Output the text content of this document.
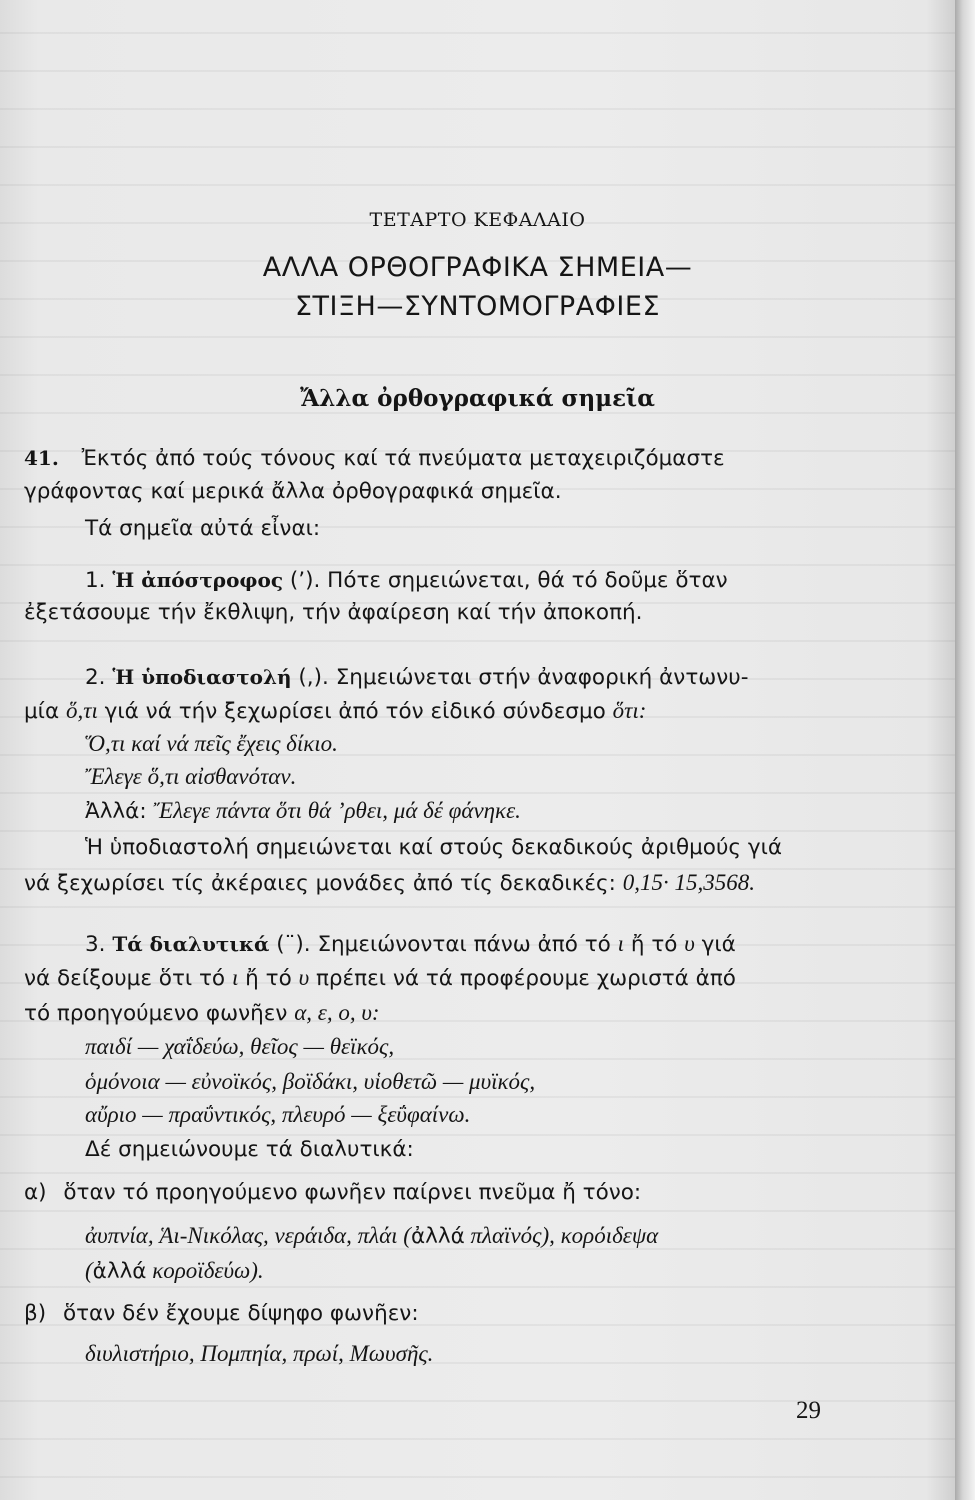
ΤΕΤΑΡΤΟ ΚΕΦΑΛΑΙΟ
ΑΛΛΑ ΟΡΘΟΓΡΑΦΙΚΑ ΣΗΜΕΙΑ—
ΣΤΙΞΗ—ΣΥΝΤΟΜΟΓΡΑΦΙΕΣ
Ἄλλα ὀρθογραφικά σημεῖα
41. Ἐκτός ἀπό τούς τόνους καί τά πνεύματα μεταχειριζόμαστε
γράφοντας καί μερικά ἄλλα ὀρθογραφικά σημεῖα.
Τά σημεῖα αὐτά εἶναι:
1. Ἡ ἀπόστροφος (’). Πότε σημειώνεται, θά τό δοῦμε ὅταν
ἐξετάσουμε τήν ἔκθλιψη, τήν ἀφαίρεση καί τήν ἀποκοπή.
2. Ἡ ὑποδιαστολή (,). Σημειώνεται στήν ἀναφορική ἀντωνυ-
μία ὅ,τι γιά νά τήν ξεχωρίσει ἀπό τόν εἰδικό σύνδεσμο ὅτι:
Ὅ,τι καί νά πεῖς ἔχεις δίκιο.
Ἔλεγε ὅ,τι αἰσθανόταν.
Ἀλλά: Ἔλεγε πάντα ὅτι θά ’ρθει, μά δέ φάνηκε.
Ἡ ὑποδιαστολή σημειώνεται καί στούς δεκαδικούς ἀριθμούς γιά
νά ξεχωρίσει τίς ἀκέραιες μονάδες ἀπό τίς δεκαδικές: 0,15· 15,3568.
3. Τά διαλυτικά (¨). Σημειώνονται πάνω ἀπό τό ι ἤ τό υ γιά
νά δείξουμε ὅτι τό ι ἤ τό υ πρέπει νά τά προφέρουμε χωριστά ἀπό
τό προηγούμενο φωνῆεν α, ε, ο, υ:
παιδί — χαΐδεύω, θεῖος — θεϊκός,
ὁμόνοια — εὐνοϊκός, βοϊδάκι, υἱοθετῶ — μυϊκός,
αὔριο — πραΰντικός, πλευρό — ξεΰφαίνω.
Δέ σημειώνουμε τά διαλυτικά:
α) ὅταν τό προηγούμενο φωνῆεν παίρνει πνεῦμα ἤ τόνο:
ἀυπνία, Ἁι-Νικόλας, νεράιδα, πλάι (ἀλλά πλαϊνός), κορόιδεψα
(ἀλλά κοροϊδεύω).
β) ὅταν δέν ἔχουμε δίψηφο φωνῆεν:
διυλιστήριο, Πομπηία, πρωί, Μωυσῆς.
29
